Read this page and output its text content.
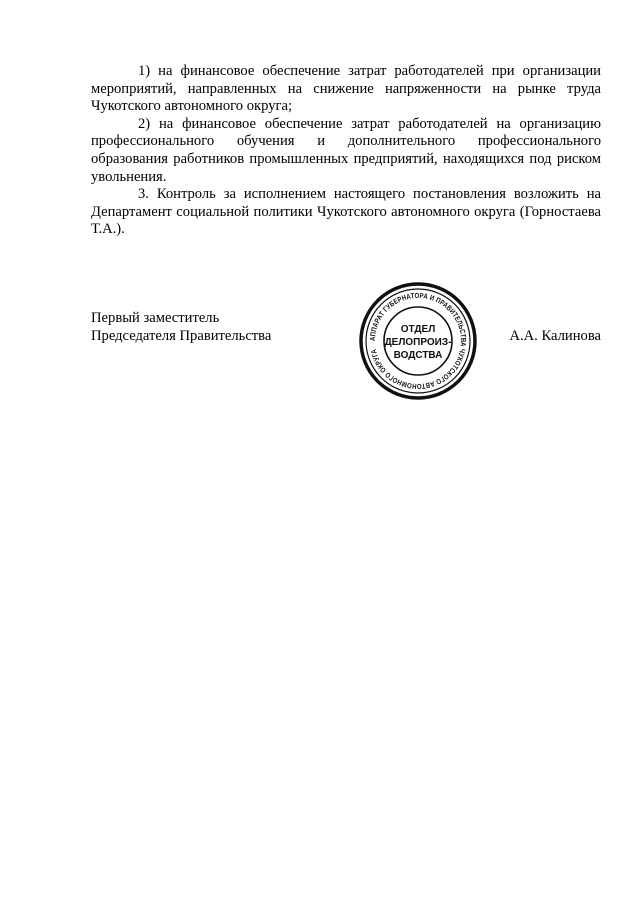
1) на финансовое обеспечение затрат работодателей при организации мероприятий, направленных на снижение напряженности на рынке труда Чукотского автономного округа;

2) на финансовое обеспечение затрат работодателей на организацию профессионального обучения и дополнительного профессионального образования работников промышленных предприятий, находящихся под риском увольнения.

3. Контроль за исполнением настоящего постановления возложить на Департамент социальной политики Чукотского автономного округа (Горностаева Т.А.).

Первый заместитель
Председателя Правительства	А.А. Калинова
АППАРАТ ГУБЕРНАТОРА И ПРАВИТЕЛЬСТВА ЧУКОТСКОГО АВТОНОМНОГО ОКРУГА
ОТДЕЛ
ДЕЛОПРОИЗ-
ВОДСТВА
